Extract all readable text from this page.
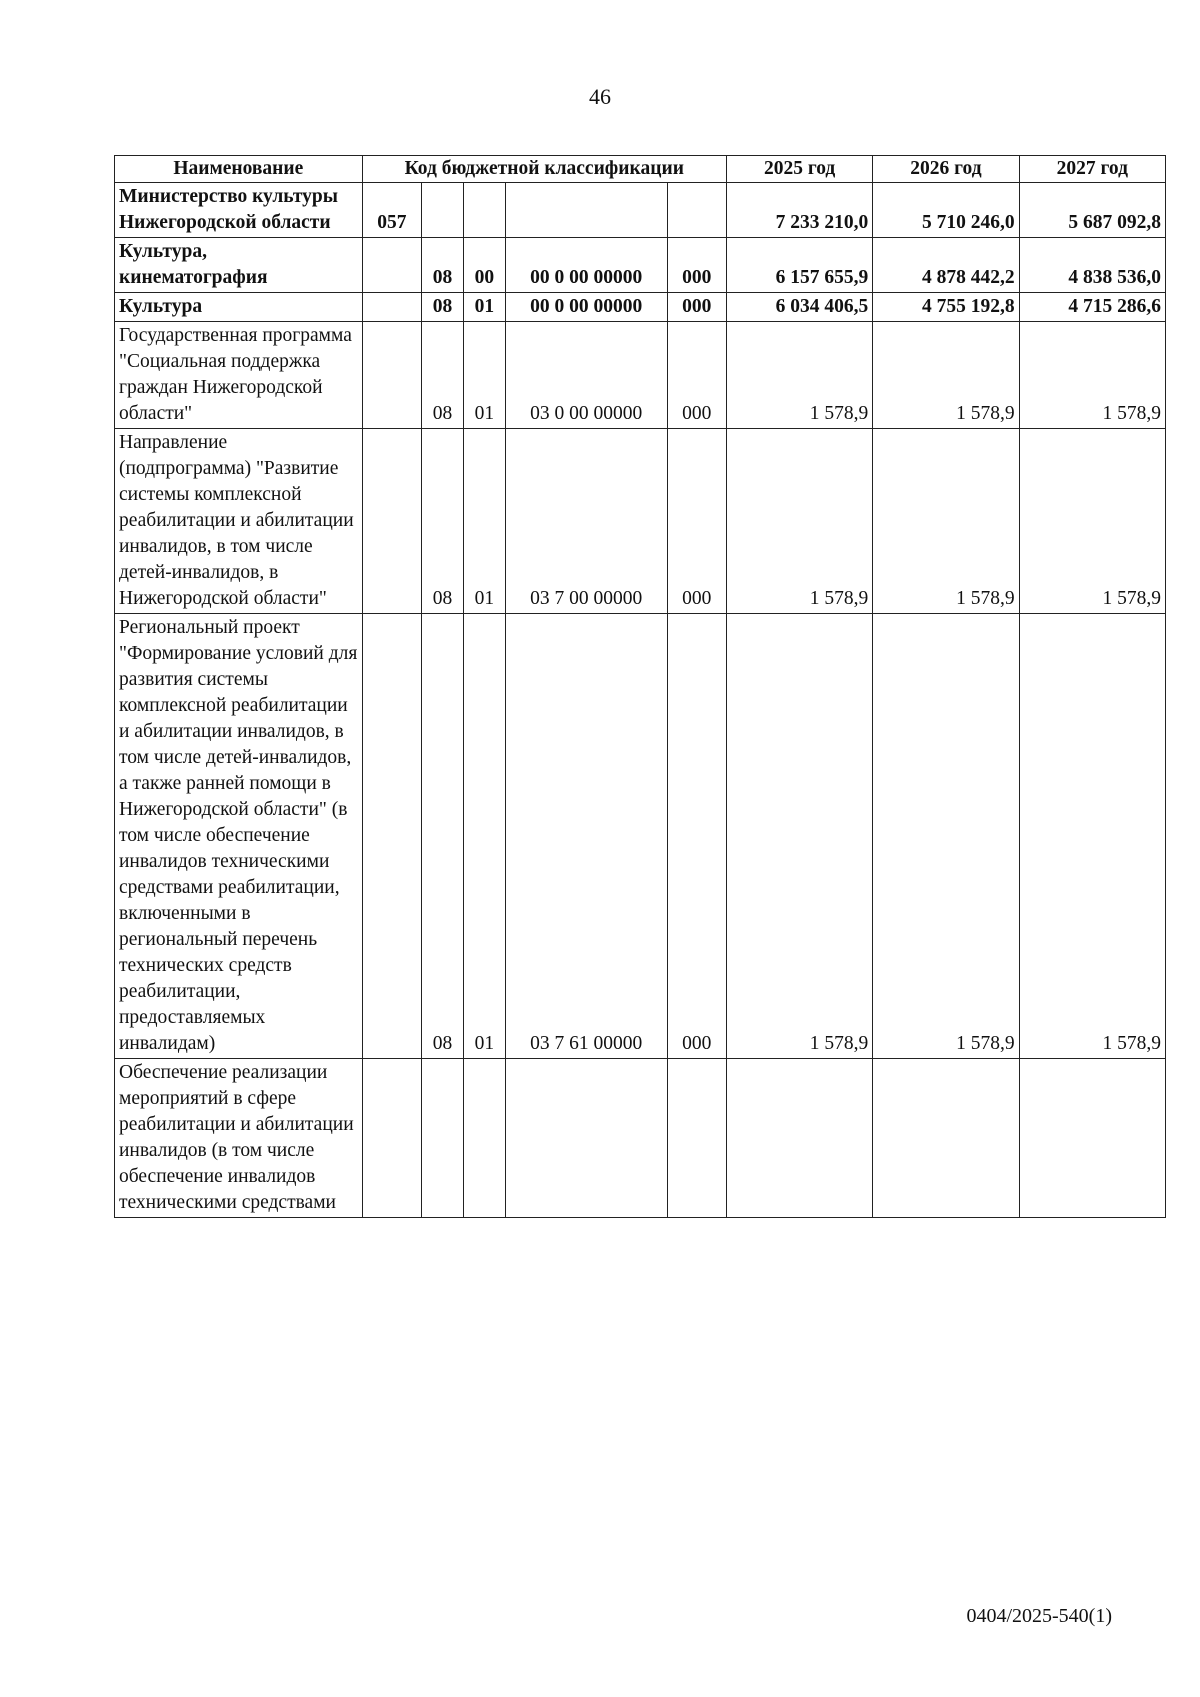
46
Наименование	Код бюджетной классификации					2025 год	2026 год	2027 год
Министерство культуры Нижегородской области	057					7 233 210,0	5 710 246,0	5 687 092,8
Культура, кинематография		08	00	00 0 00 00000	000	6 157 655,9	4 878 442,2	4 838 536,0
Культура		08	01	00 0 00 00000	000	6 034 406,5	4 755 192,8	4 715 286,6
Государственная программа "Социальная поддержка граждан Нижегородской области"		08	01	03 0 00 00000	000	1 578,9	1 578,9	1 578,9
Направление (подпрограмма) "Развитие системы комплексной реабилитации и абилитации инвалидов, в том числе детей-инвалидов, в Нижегородской области"		08	01	03 7 00 00000	000	1 578,9	1 578,9	1 578,9
Региональный проект "Формирование условий для развития системы комплексной реабилитации и абилитации инвалидов, в том числе детей-инвалидов, а также ранней помощи в Нижегородской области" (в том числе обеспечение инвалидов техническими средствами реабилитации, включенными в региональный перечень технических средств реабилитации, предоставляемых инвалидам)		08	01	03 7 61 00000	000	1 578,9	1 578,9	1 578,9
Обеспечение реализации мероприятий в сфере реабилитации и абилитации инвалидов (в том числе обеспечение инвалидов техническими средствами								
0404/2025-540(1)
